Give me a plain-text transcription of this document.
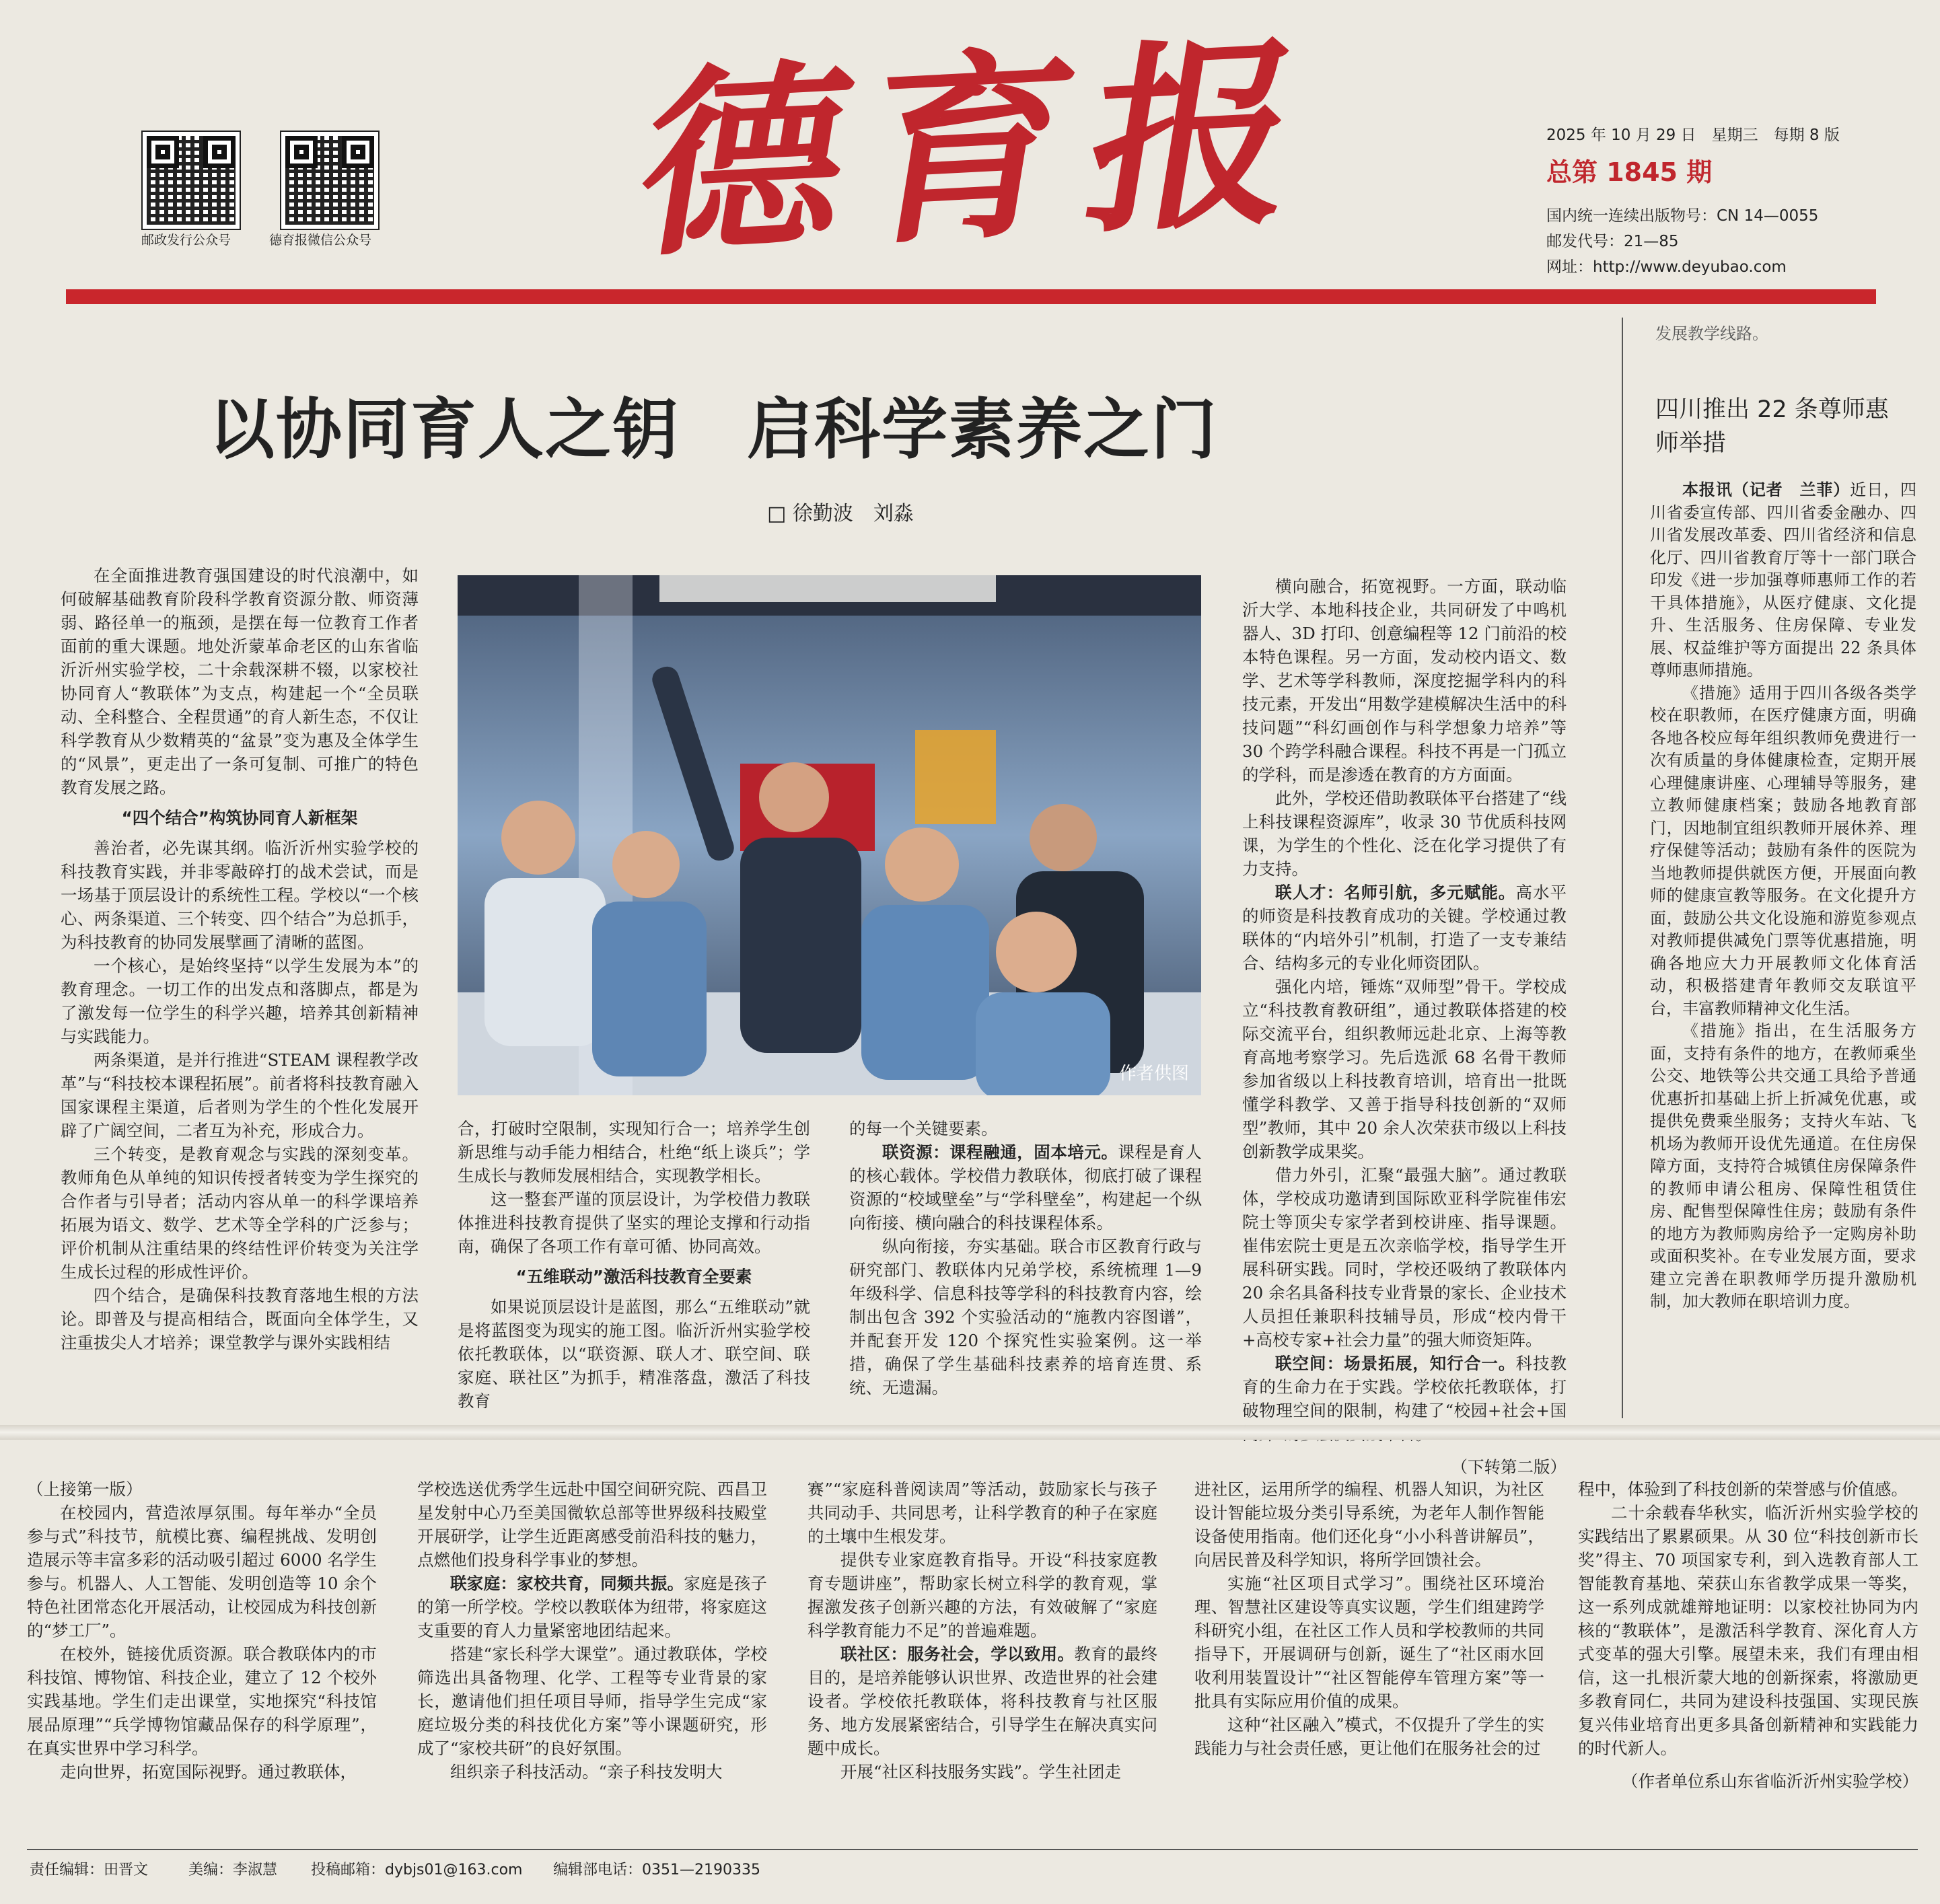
邮政发行公众号	德育报微信公众号 德育报	2025 年 10 月 29 日　星期三　每期 8 版
总第 1845 期
国内统一连续出版物号：CN 14—0055
邮发代号：21—85
网址：http://www.deyubao.com
发展教学线路。
以协同育人之钥　启科学素养之门
□ 徐勤波　刘淼
作者供图

在全面推进教育强国建设的时代浪潮中，如何破解基础教育阶段科学教育资源分散、师资薄弱、路径单一的瓶颈，是摆在每一位教育工作者面前的重大课题。地处沂蒙革命老区的山东省临沂沂州实验学校，二十余载深耕不辍，以家校社协同育人“教联体”为支点，构建起一个“全员联动、全科整合、全程贯通”的育人新生态，不仅让科学教育从少数精英的“盆景”变为惠及全体学生的“风景”，更走出了一条可复制、可推广的特色教育发展之路。

“四个结合”构筑协同育人新框架

善治者，必先谋其纲。临沂沂州实验学校的科技教育实践，并非零敲碎打的战术尝试，而是一场基于顶层设计的系统性工程。学校以“一个核心、两条渠道、三个转变、四个结合”为总抓手，为科技教育的协同发展擘画了清晰的蓝图。

一个核心，是始终坚持“以学生发展为本”的教育理念。一切工作的出发点和落脚点，都是为了激发每一位学生的科学兴趣，培养其创新精神与实践能力。

两条渠道，是并行推进“STEAM 课程教学改革”与“科技校本课程拓展”。前者将科技教育融入国家课程主渠道，后者则为学生的个性化发展开辟了广阔空间，二者互为补充，形成合力。

三个转变，是教育观念与实践的深刻变革。教师角色从单纯的知识传授者转变为学生探究的合作者与引导者；活动内容从单一的科学课培养拓展为语文、数学、艺术等全学科的广泛参与；评价机制从注重结果的终结性评价转变为关注学生成长过程的形成性评价。

四个结合，是确保科技教育落地生根的方法论。即普及与提高相结合，既面向全体学生，又注重拔尖人才培养；课堂教学与课外实践相结

合，打破时空限制，实现知行合一；培养学生创新思维与动手能力相结合，杜绝“纸上谈兵”；学生成长与教师发展相结合，实现教学相长。

这一整套严谨的顶层设计，为学校借力教联体推进科技教育提供了坚实的理论支撑和行动指南，确保了各项工作有章可循、协同高效。

“五维联动”激活科技教育全要素

如果说顶层设计是蓝图，那么“五维联动”就是将蓝图变为现实的施工图。临沂沂州实验学校依托教联体，以“联资源、联人才、联空间、联家庭、联社区”为抓手，精准落盘，激活了科技教育

的每一个关键要素。

联资源：课程融通，固本培元。课程是育人的核心载体。学校借力教联体，彻底打破了课程资源的“校域壁垒”与“学科壁垒”，构建起一个纵向衔接、横向融合的科技课程体系。

纵向衔接，夯实基础。联合市区教育行政与研究部门、教联体内兄弟学校，系统梳理 1—9 年级科学、信息科技等学科的科技教育内容，绘制出包含 392 个实验活动的“施教内容图谱”，并配套开发 120 个探究性实验案例。这一举措，确保了学生基础科技素养的培育连贯、系统、无遗漏。

横向融合，拓宽视野。一方面，联动临沂大学、本地科技企业，共同研发了中鸣机器人、3D 打印、创意编程等 12 门前沿的校本特色课程。另一方面，发动校内语文、数学、艺术等学科教师，深度挖掘学科内的科技元素，开发出“用数学建模解决生活中的科技问题”“科幻画创作与科学想象力培养”等 30 个跨学科融合课程。科技不再是一门孤立的学科，而是渗透在教育的方方面面。

此外，学校还借助教联体平台搭建了“线上科技课程资源库”，收录 30 节优质科技网课，为学生的个性化、泛在化学习提供了有力支持。

联人才：名师引航，多元赋能。高水平的师资是科技教育成功的关键。学校通过教联体的“内培外引”机制，打造了一支专兼结合、结构多元的专业化师资团队。

强化内培，锤炼“双师型”骨干。学校成立“科技教育教研组”，通过教联体搭建的校际交流平台，组织教师远赴北京、上海等教育高地考察学习。先后选派 68 名骨干教师参加省级以上科技教育培训，培育出一批既懂学科教学、又善于指导科技创新的“双师型”教师，其中 20 余人次荣获市级以上科技创新教学成果奖。

借力外引，汇聚“最强大脑”。通过教联体，学校成功邀请到国际欧亚科学院崔伟宏院士等顶尖专家学者到校讲座、指导课题。崔伟宏院士更是五次亲临学校，指导学生开展科研实践。同时，学校还吸纳了教联体内 20 余名具备科技专业背景的家长、企业技术人员担任兼职科技辅导员，形成“校内骨干+高校专家+社会力量”的强大师资矩阵。

联空间：场景拓展，知行合一。科技教育的生命力在于实践。学校依托教联体，打破物理空间的限制，构建了“校园+社会+国

（下转第二版）

四川推出 22 条尊师惠师举措

本报讯（记者　兰菲）近日，四川省委宣传部、四川省委金融办、四川省发展改革委、四川省经济和信息化厅、四川省教育厅等十一部门联合印发《进一步加强尊师惠师工作的若干具体措施》，从医疗健康、文化提升、生活服务、住房保障、专业发展、权益维护等方面提出 22 条具体尊师惠师措施。

《措施》适用于四川各级各类学校在职教师，在医疗健康方面，明确各地各校应每年组织教师免费进行一次有质量的身体健康检查，定期开展心理健康讲座、心理辅导等服务，建立教师健康档案；鼓励各地教育部门，因地制宜组织教师开展休养、理疗保健等活动；鼓励有条件的医院为当地教师提供就医方便，开展面向教师的健康宣教等服务。在文化提升方面，鼓励公共文化设施和游览参观点对教师提供减免门票等优惠措施，明确各地应大力开展教师文化体育活动，积极搭建青年教师交友联谊平台，丰富教师精神文化生活。

《措施》指出，在生活服务方面，支持有条件的地方，在教师乘坐公交、地铁等公共交通工具给予普通优惠折扣基础上折上折减免优惠，或提供免费乘坐服务；支持火车站、飞机场为教师开设优先通道。在住房保障方面，支持符合城镇住房保障条件的教师申请公租房、保障性租赁住房、配售型保障性住房；鼓励有条件的地方为教师购房给予一定购房补助或面积奖补。在专业发展方面，要求建立完善在职教师学历提升激励机制，加大教师在职培训力度。

（上接第一版）

在校园内，营造浓厚氛围。每年举办“全员参与式”科技节，航模比赛、编程挑战、发明创造展示等丰富多彩的活动吸引超过 6000 名学生参与。机器人、人工智能、发明创造等 10 余个特色社团常态化开展活动，让校园成为科技创新的“梦工厂”。

在校外，链接优质资源。联合教联体内的市科技馆、博物馆、科技企业，建立了 12 个校外实践基地。学生们走出课堂，实地探究“科技馆展品原理”“兵学博物馆藏品保存的科学原理”，在真实世界中学习科学。

走向世界，拓宽国际视野。通过教联体，

学校选送优秀学生远赴中国空间研究院、西昌卫星发射中心乃至美国微软总部等世界级科技殿堂开展研学，让学生近距离感受前沿科技的魅力，点燃他们投身科学事业的梦想。

联家庭：家校共育，同频共振。家庭是孩子的第一所学校。学校以教联体为纽带，将家庭这支重要的育人力量紧密地团结起来。

搭建“家长科学大课堂”。通过教联体，学校筛选出具备物理、化学、工程等专业背景的家长，邀请他们担任项目导师，指导学生完成“家庭垃圾分类的科技优化方案”等小课题研究，形成了“家校共研”的良好氛围。

组织亲子科技活动。“亲子科技发明大

赛”“家庭科普阅读周”等活动，鼓励家长与孩子共同动手、共同思考，让科学教育的种子在家庭的土壤中生根发芽。

提供专业家庭教育指导。开设“科技家庭教育专题讲座”，帮助家长树立科学的教育观，掌握激发孩子创新兴趣的方法，有效破解了“家庭科学教育能力不足”的普遍难题。

联社区：服务社会，学以致用。教育的最终目的，是培养能够认识世界、改造世界的社会建设者。学校依托教联体，将科技教育与社区服务、地方发展紧密结合，引导学生在解决真实问题中成长。

开展“社区科技服务实践”。学生社团走

进社区，运用所学的编程、机器人知识，为社区设计智能垃圾分类引导系统，为老年人制作智能设备使用指南。他们还化身“小小科普讲解员”，向居民普及科学知识，将所学回馈社会。

实施“社区项目式学习”。围绕社区环境治理、智慧社区建设等真实议题，学生们组建跨学科研究小组，在社区工作人员和学校教师的共同指导下，开展调研与创新，诞生了“社区雨水回收利用装置设计”“社区智能停车管理方案”等一批具有实际应用价值的成果。

这种“社区融入”模式，不仅提升了学生的实践能力与社会责任感，更让他们在服务社会的过

程中，体验到了科技创新的荣誉感与价值感。

二十余载春华秋实，临沂沂州实验学校的实践结出了累累硕果。从 30 位“科技创新市长奖”得主、70 项国家专利，到入选教育部人工智能教育基地、荣获山东省教学成果一等奖，这一系列成就雄辩地证明：以家校社协同为内核的“教联体”，是激活科学教育、深化育人方式变革的强大引擎。展望未来，我们有理由相信，这一扎根沂蒙大地的创新探索，将激励更多教育同仁，共同为建设科技强国、实现民族复兴伟业培育出更多具备创新精神和实践能力的时代新人。

（作者单位系山东省临沂沂州实验学校）

责任编辑：田晋文	美编：李淑慧 投稿邮箱：dybjs01@163.com 编辑部电话：0351—2190335
